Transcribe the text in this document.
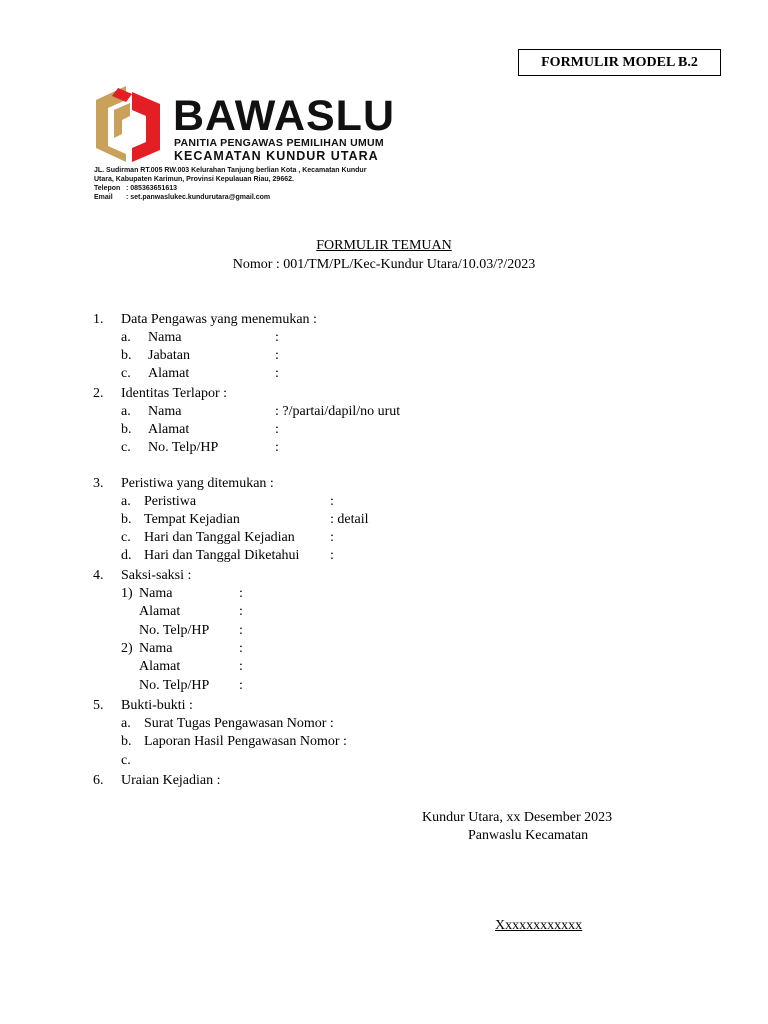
FORMULIR MODEL B.2
BAWASLU
PANITIA PENGAWAS PEMILIHAN UMUM
KECAMATAN KUNDUR UTARA
JL. Sudirman RT.005 RW.003 Kelurahan Tanjung berlian Kota , Kecamatan Kundur
Utara, Kabupaten Karimun, Provinsi Kepulauan Riau, 29662.
Telepon : 085363651613
Email : set.panwaslukec.kundurutara@gmail.com
FORMULIR TEMUAN
Nomor : 001/TM/PL/Kec-Kundur Utara/10.03/?/2023
1. Data Pengawas yang menemukan :
a. Nama	:
b. Jabatan	:
c. Alamat	:
2. Identitas Terlapor :
a. Nama	: ?/partai/dapil/no urut
b. Alamat	:
c. No. Telp/HP	:
3. Peristiwa yang ditemukan :
a. Peristiwa	:
b. Tempat Kejadian	: detail
c. Hari dan Tanggal Kejadian	:
d. Hari dan Tanggal Diketahui :
4. Saksi-saksi :
1) Nama	:
Alamat	:
No. Telp/HP :
2) Nama	:
Alamat	:
No. Telp/HP :
5. Bukti-bukti :
a. Surat Tugas Pengawasan Nomor :
b. Laporan Hasil Pengawasan Nomor :
c.
6. Uraian Kejadian :
Kundur Utara, xx Desember 2023
Panwaslu Kecamatan
Xxxxxxxxxxxx
